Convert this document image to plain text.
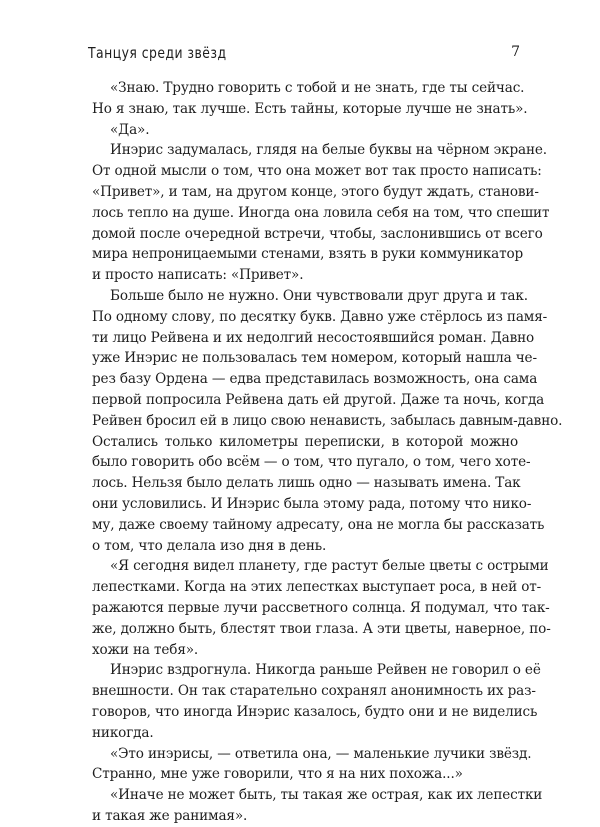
Танцуя среди звёзд	7
«Знаю. Трудно говорить с тобой и не знать, где ты сейчас.
Но я знаю, так лучше. Есть тайны, которые лучше не знать».
«Да».
Инэрис задумалась, глядя на белые буквы на чёрном экране.
От одной мысли о том, что она может вот так просто написать:
«Привет», и там, на другом конце, этого будут ждать, станови-
лось тепло на душе. Иногда она ловила себя на том, что спешит
домой после очередной встречи, чтобы, заслонившись от всего
мира непроницаемыми стенами, взять в руки коммуникатор
и просто написать: «Привет».
Больше было не нужно. Они чувствовали друг друга и так.
По одному слову, по десятку букв. Давно уже стёрлось из памя-
ти лицо Рейвена и их недолгий несостоявшийся роман. Давно
уже Инэрис не пользовалась тем номером, который нашла че-
рез базу Ордена — едва представилась возможность, она сама
первой попросила Рейвена дать ей другой. Даже та ночь, когда
Рейвен бросил ей в лицо свою ненависть, забылась давным-давно.
Остались только километры переписки, в которой можно
было говорить обо всём — о том, что пугало, о том, чего хоте-
лось. Нельзя было делать лишь одно — называть имена. Так
они условились. И Инэрис была этому рада, потому что нико-
му, даже своему тайному адресату, она не могла бы рассказать
о том, что делала изо дня в день.
«Я сегодня видел планету, где растут белые цветы с острыми
лепестками. Когда на этих лепестках выступает роса, в ней от-
ражаются первые лучи рассветного солнца. Я подумал, что так-
же, должно быть, блестят твои глаза. А эти цветы, наверное, по-
хожи на тебя».
Инэрис вздрогнула. Никогда раньше Рейвен не говорил о её
внешности. Он так старательно сохранял анонимность их раз-
говоров, что иногда Инэрис казалось, будто они и не виделись
никогда.
«Это инэрисы, — ответила она, — маленькие лучики звёзд.
Странно, мне уже говорили, что я на них похожа...»
«Иначе не может быть, ты такая же острая, как их лепестки
и такая же ранимая».
